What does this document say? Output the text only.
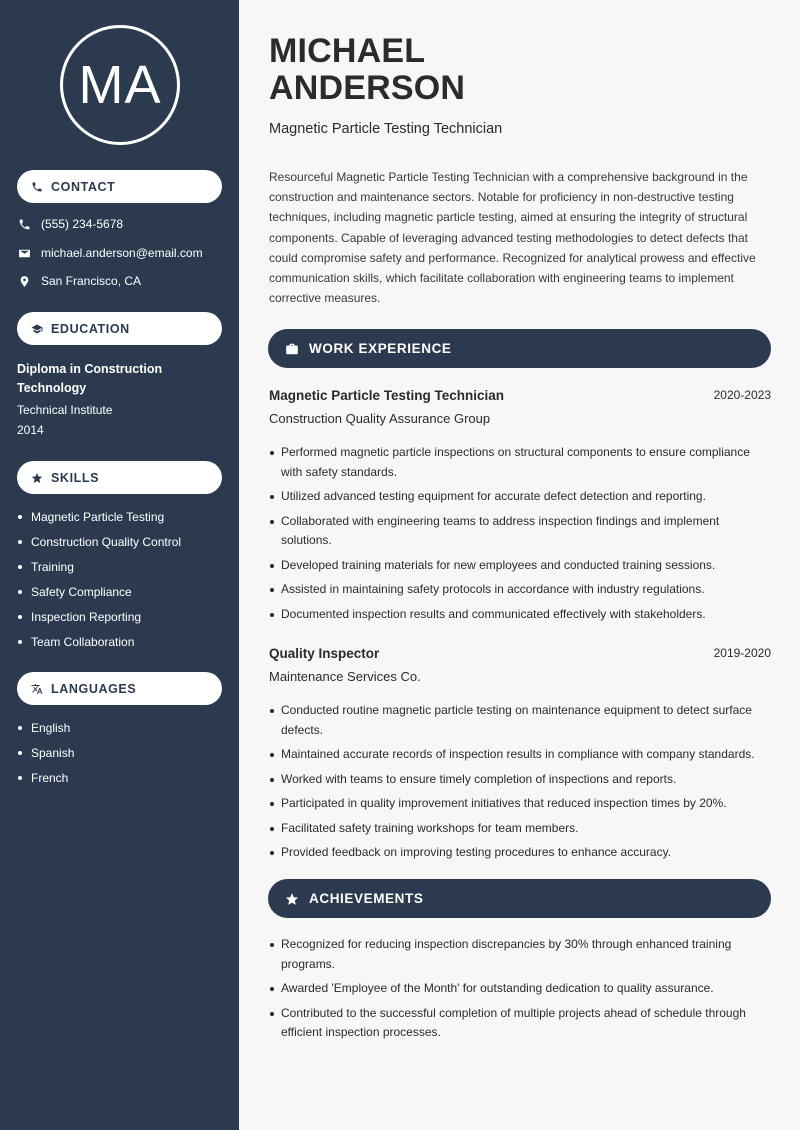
MA
CONTACT
(555) 234-5678
michael.anderson@email.com
San Francisco, CA
EDUCATION
Diploma in Construction Technology
Technical Institute
2014
SKILLS
Magnetic Particle Testing
Construction Quality Control
Training
Safety Compliance
Inspection Reporting
Team Collaboration
LANGUAGES
English
Spanish
French
MICHAEL
ANDERSON
Magnetic Particle Testing Technician

Resourceful Magnetic Particle Testing Technician with a comprehensive background in the construction and maintenance sectors. Notable for proficiency in non-destructive testing techniques, including magnetic particle testing, aimed at ensuring the integrity of structural components. Capable of leveraging advanced testing methodologies to detect defects that could compromise safety and performance. Recognized for analytical prowess and effective communication skills, which facilitate collaboration with engineering teams to implement corrective measures.

WORK EXPERIENCE
Magnetic Particle Testing Technician	2020-2023
Construction Quality Assurance Group
Performed magnetic particle inspections on structural components to ensure compliance with safety standards.
Utilized advanced testing equipment for accurate defect detection and reporting.
Collaborated with engineering teams to address inspection findings and implement solutions.
Developed training materials for new employees and conducted training sessions.
Assisted in maintaining safety protocols in accordance with industry regulations.
Documented inspection results and communicated effectively with stakeholders.
Quality Inspector	2019-2020
Maintenance Services Co.
Conducted routine magnetic particle testing on maintenance equipment to detect surface defects.
Maintained accurate records of inspection results in compliance with company standards.
Worked with teams to ensure timely completion of inspections and reports.
Participated in quality improvement initiatives that reduced inspection times by 20%.
Facilitated safety training workshops for team members.
Provided feedback on improving testing procedures to enhance accuracy.
ACHIEVEMENTS
Recognized for reducing inspection discrepancies by 30% through enhanced training programs.
Awarded 'Employee of the Month' for outstanding dedication to quality assurance.
Contributed to the successful completion of multiple projects ahead of schedule through efficient inspection processes.
